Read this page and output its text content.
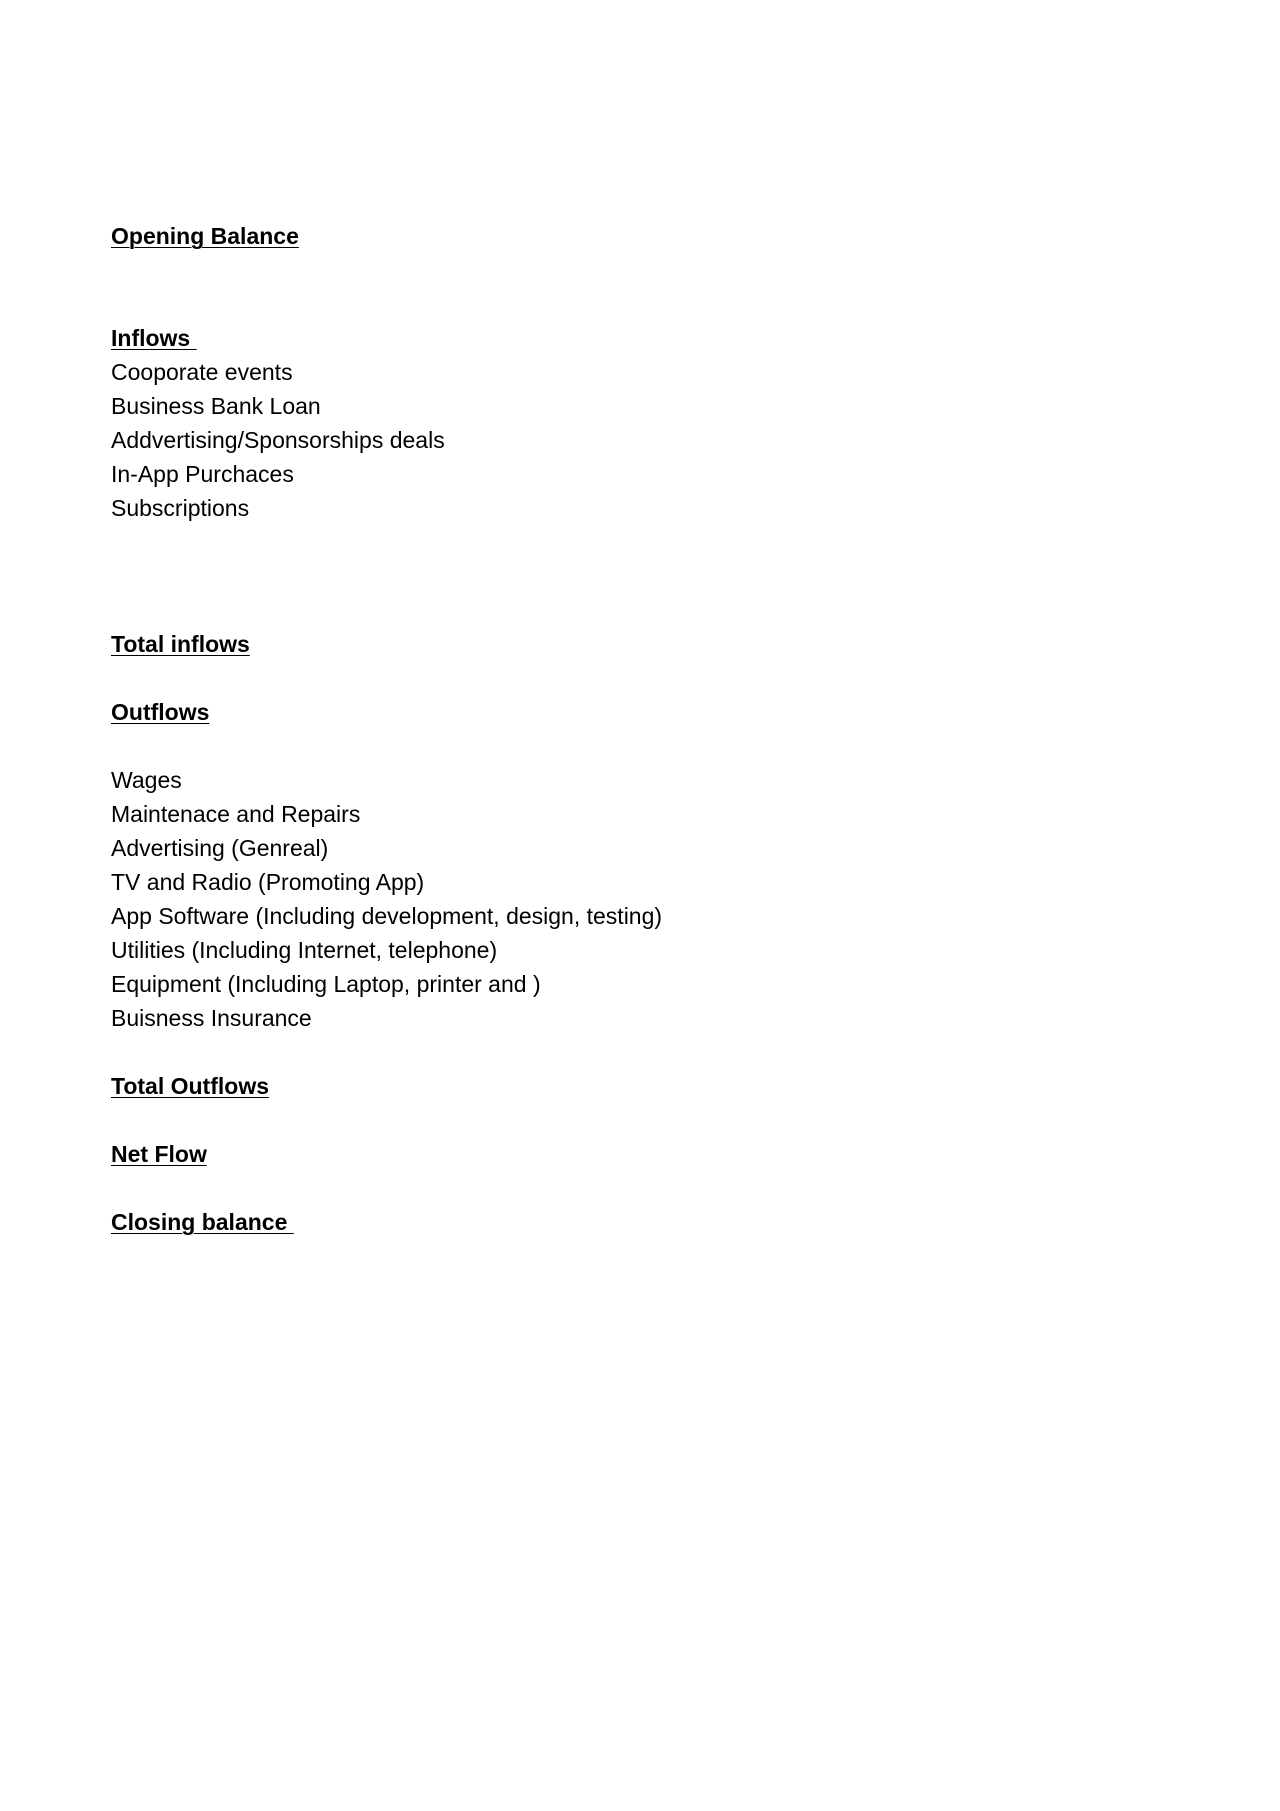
Opening Balance
Inflows
Cooporate events
Business Bank Loan
Addvertising/Sponsorships deals
In-App Purchaces
Subscriptions
Total inflows
Outflows
Wages
Maintenace and Repairs
Advertising (Genreal)
TV and Radio (Promoting App)
App Software (Including development, design, testing)
Utilities (Including Internet, telephone)
Equipment (Including Laptop, printer and )
Buisness Insurance
Total Outflows
Net Flow
Closing balance
